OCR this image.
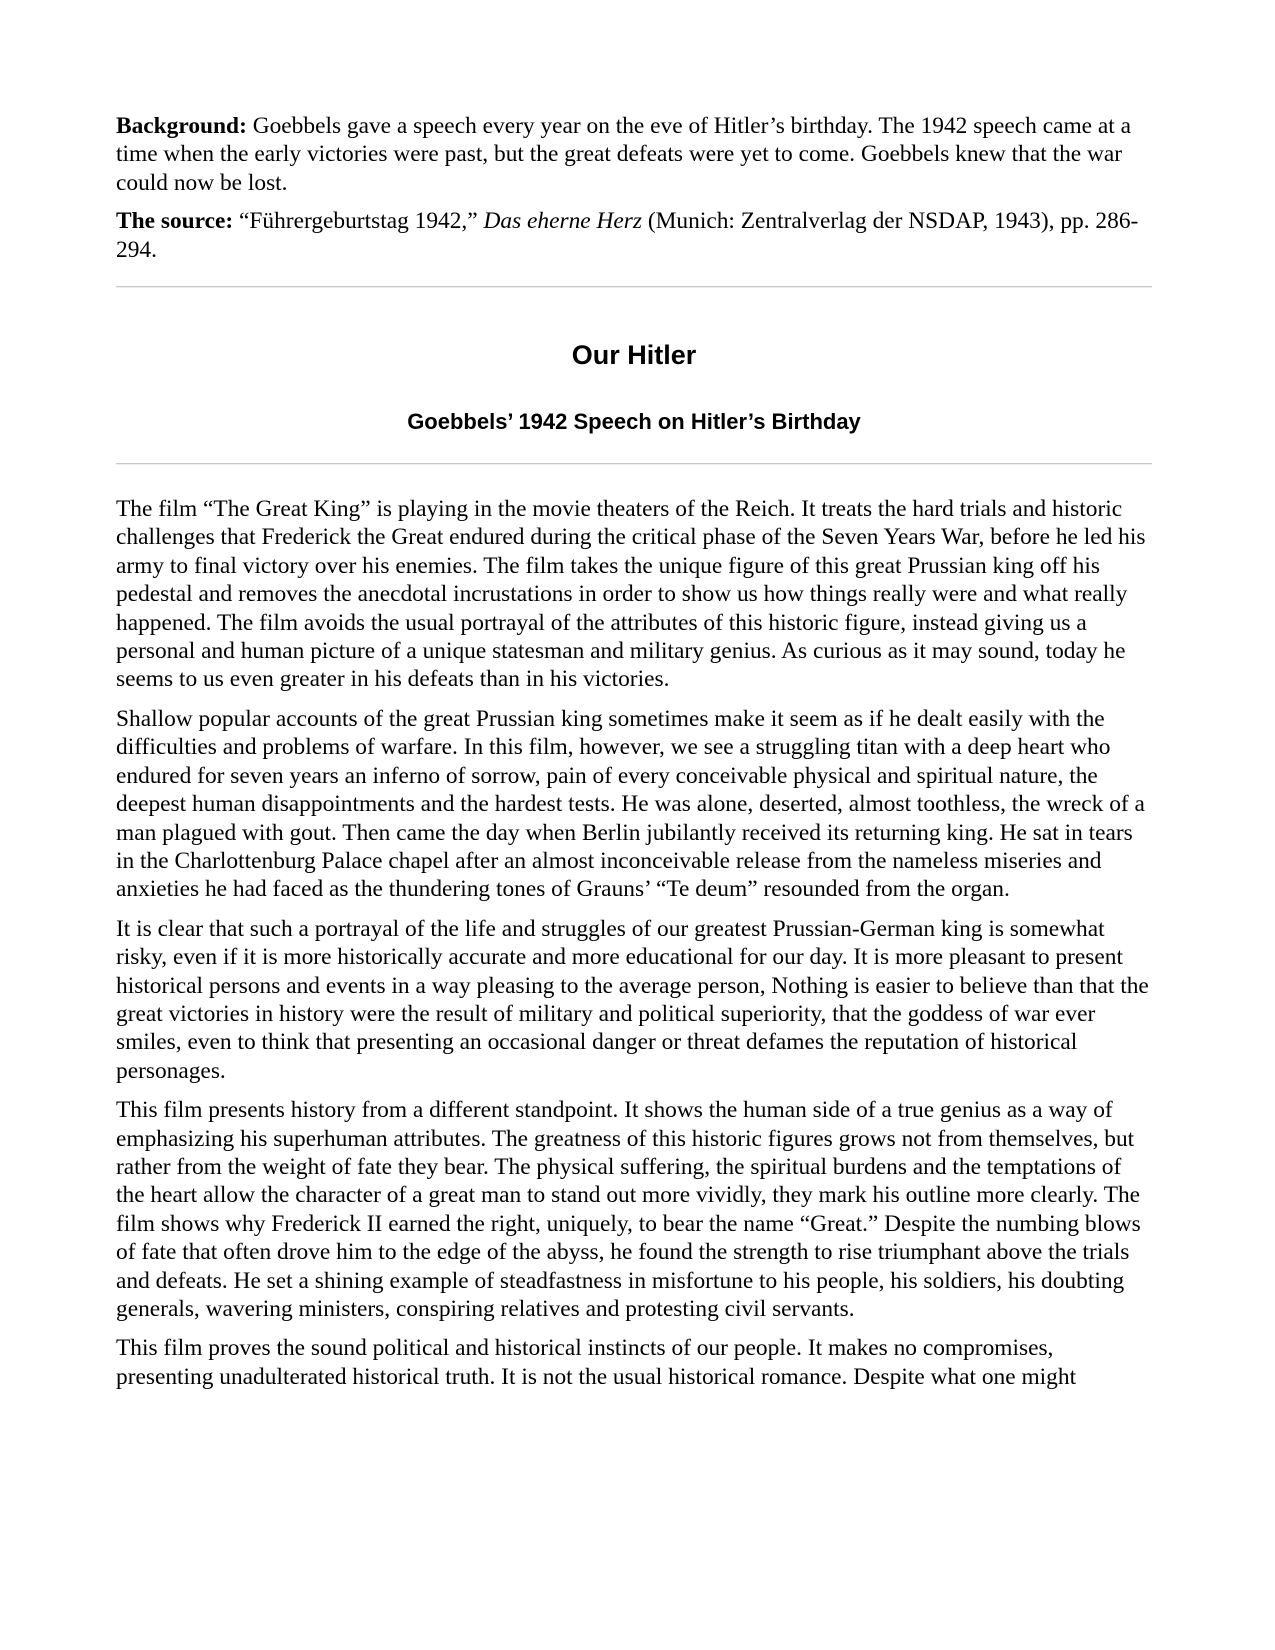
Background: Goebbels gave a speech every year on the eve of Hitler’s birthday. The 1942 speech came at a time when the early victories were past, but the great defeats were yet to come. Goebbels knew that the war could now be lost.

The source: “Führergeburtstag 1942,” Das eherne Herz (Munich: Zentralverlag der NSDAP, 1943), pp. 286-294.

Our Hitler
Goebbels’ 1942 Speech on Hitler’s Birthday

The film “The Great King” is playing in the movie theaters of the Reich. It treats the hard trials and historic challenges that Frederick the Great endured during the critical phase of the Seven Years War, before he led his army to final victory over his enemies. The film takes the unique figure of this great Prussian king off his pedestal and removes the anecdotal incrustations in order to show us how things really were and what really happened. The film avoids the usual portrayal of the attributes of this historic figure, instead giving us a personal and human picture of a unique statesman and military genius. As curious as it may sound, today he seems to us even greater in his defeats than in his victories.

Shallow popular accounts of the great Prussian king sometimes make it seem as if he dealt easily with the difficulties and problems of warfare. In this film, however, we see a struggling titan with a deep heart who endured for seven years an inferno of sorrow, pain of every conceivable physical and spiritual nature, the deepest human disappointments and the hardest tests. He was alone, deserted, almost toothless, the wreck of a man plagued with gout. Then came the day when Berlin jubilantly received its returning king. He sat in tears in the Charlottenburg Palace chapel after an almost inconceivable release from the nameless miseries and anxieties he had faced as the thundering tones of Grauns’ “Te deum” resounded from the organ.

It is clear that such a portrayal of the life and struggles of our greatest Prussian-German king is somewhat risky, even if it is more historically accurate and more educational for our day. It is more pleasant to present historical persons and events in a way pleasing to the average person, Nothing is easier to believe than that the great victories in history were the result of military and political superiority, that the goddess of war ever smiles, even to think that presenting an occasional danger or threat defames the reputation of historical personages.

This film presents history from a different standpoint. It shows the human side of a true genius as a way of emphasizing his superhuman attributes. The greatness of this historic figures grows not from themselves, but rather from the weight of fate they bear. The physical suffering, the spiritual burdens and the temptations of the heart allow the character of a great man to stand out more vividly, they mark his outline more clearly. The film shows why Frederick II earned the right, uniquely, to bear the name “Great.” Despite the numbing blows of fate that often drove him to the edge of the abyss, he found the strength to rise triumphant above the trials and defeats. He set a shining example of steadfastness in misfortune to his people, his soldiers, his doubting generals, wavering ministers, conspiring relatives and protesting civil servants.

This film proves the sound political and historical instincts of our people. It makes no compromises, presenting unadulterated historical truth. It is not the usual historical romance. Despite what one might
